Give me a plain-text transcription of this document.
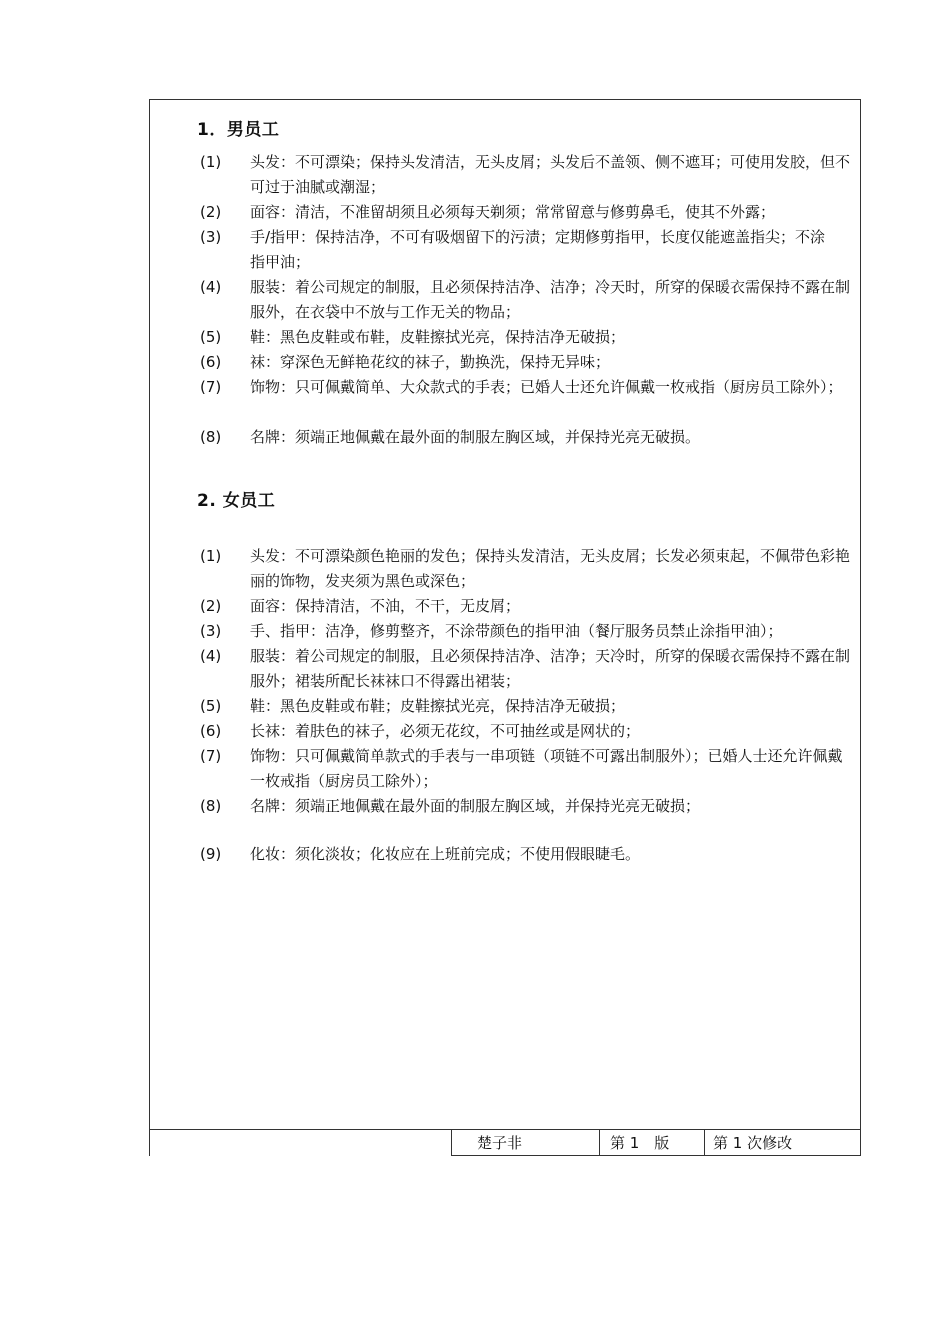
1．男员工
(1)	头发：不可漂染；保持头发清洁，无头皮屑；头发后不盖领、侧不遮耳；可使用发胶，但不可过于油腻或潮湿；
(2)	面容：清洁，不准留胡须且必须每天剃须；常常留意与修剪鼻毛，使其不外露；
(3)	手/指甲：保持洁净，不可有吸烟留下的污渍；定期修剪指甲，长度仅能遮盖指尖；不涂指甲油；
(4)	服装：着公司规定的制服，且必须保持洁净、洁净；冷天时，所穿的保暖衣需保持不露在制服外，在衣袋中不放与工作无关的物品；
(5)	鞋：黑色皮鞋或布鞋，皮鞋擦拭光亮，保持洁净无破损；
(6)	袜：穿深色无鲜艳花纹的袜子，勤换洗，保持无异味；
(7)	饰物：只可佩戴简单、大众款式的手表；已婚人士还允许佩戴一枚戒指（厨房员工除外）；
(8)	名牌：须端正地佩戴在最外面的制服左胸区域，并保持光亮无破损。
2. 女员工
(1)	头发：不可漂染颜色艳丽的发色；保持头发清洁，无头皮屑；长发必须束起，不佩带色彩艳丽的饰物，发夹须为黑色或深色；
(2)	面容：保持清洁，不油，不干，无皮屑；
(3)	手、指甲：洁净，修剪整齐，不涂带颜色的指甲油（餐厅服务员禁止涂指甲油）；
(4)	服装：着公司规定的制服，且必须保持洁净、洁净；天冷时，所穿的保暖衣需保持不露在制服外；裙装所配长袜袜口不得露出裙装；
(5)	鞋：黑色皮鞋或布鞋；皮鞋擦拭光亮，保持洁净无破损；
(6)	长袜：着肤色的袜子，必须无花纹，不可抽丝或是网状的；
(7)	饰物：只可佩戴简单款式的手表与一串项链（项链不可露出制服外）；已婚人士还允许佩戴一枚戒指（厨房员工除外）；
(8)	名牌：须端正地佩戴在最外面的制服左胸区域，并保持光亮无破损；
(9)	化妆：须化淡妆；化妆应在上班前完成；不使用假眼睫毛。
楚子非	第 1　版	第 1 次修改
